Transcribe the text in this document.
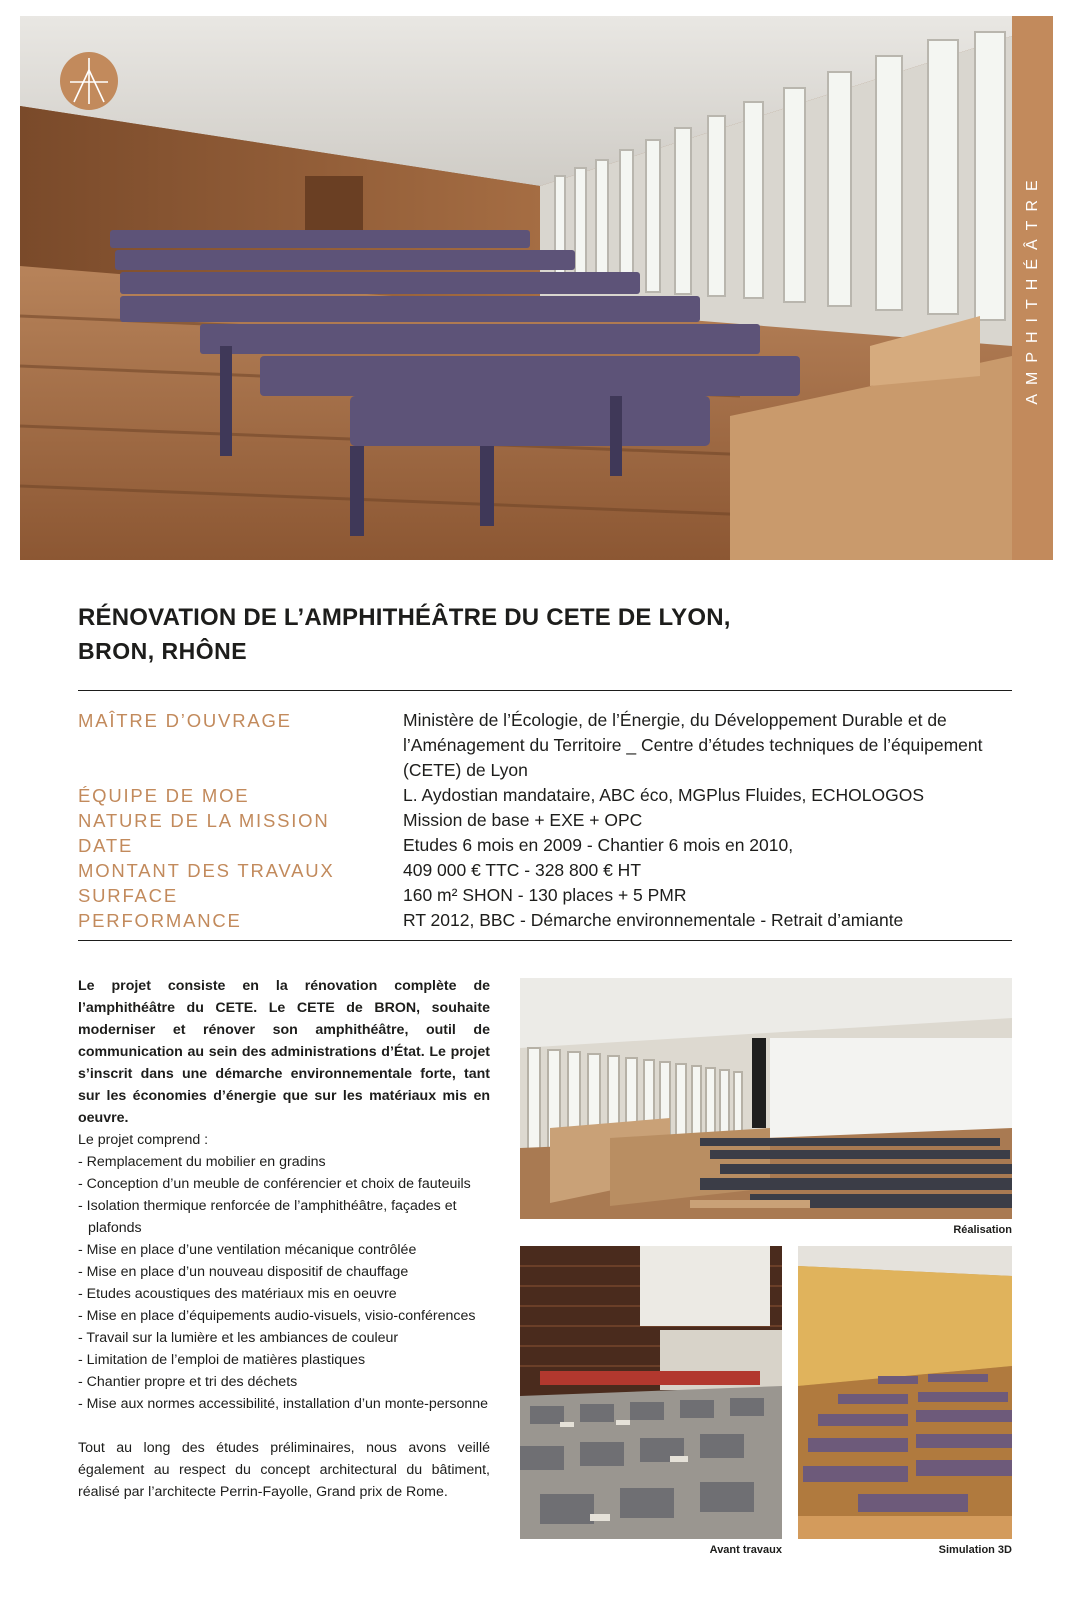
AMPHITHÉÂTRE
RÉNOVATION DE L’AMPHITHÉÂTRE DU CETE DE LYON,
BRON, RHÔNE
MAÎTRE D’OUVRAGE	Ministère de l’Écologie, de l’Énergie, du Développement Durable et de l’Aménagement du Territoire _ Centre d’études techniques de l’équipement (CETE) de Lyon
ÉQUIPE DE MOE	L. Aydostian mandataire, ABC éco, MGPlus Fluides, ECHOLOGOS
NATURE DE LA MISSION	Mission de base + EXE + OPC
DATE	Etudes 6 mois en 2009 - Chantier 6 mois en 2010,
MONTANT DES TRAVAUX	409 000 € TTC - 328 800 € HT
SURFACE	160 m² SHON - 130 places + 5 PMR
PERFORMANCE	RT 2012, BBC - Démarche environnementale - Retrait d’amiante

Le projet consiste en la rénovation complète de l’amphithéâtre du CETE. Le CETE de BRON, souhaite moderniser et rénover son amphithéâtre, outil de communication au sein des administrations d’État. Le projet s’inscrit dans une démarche environnementale forte, tant sur les économies d’énergie que sur les matériaux mis en oeuvre.

Le projet comprend :

- Remplacement du mobilier en gradins
- Conception d’un meuble de conférencier et choix de fauteuils
- Isolation thermique renforcée de l’amphithéâtre, façades et plafonds
- Mise en place d’une ventilation mécanique contrôlée
- Mise en place d’un nouveau dispositif de chauffage
- Etudes acoustiques des matériaux mis en oeuvre
- Mise en place d’équipements audio-visuels, visio-conférences
- Travail sur la lumière et les ambiances de couleur
- Limitation de l’emploi de matières plastiques
- Chantier propre et tri des déchets
- Mise aux normes accessibilité, installation d’un monte-personne

Tout au long des études préliminaires, nous avons veillé également au respect du concept architectural du bâtiment, réalisé par l’architecte Perrin-Fayolle, Grand prix de Rome.

Réalisation
Avant travaux	Simulation 3D
